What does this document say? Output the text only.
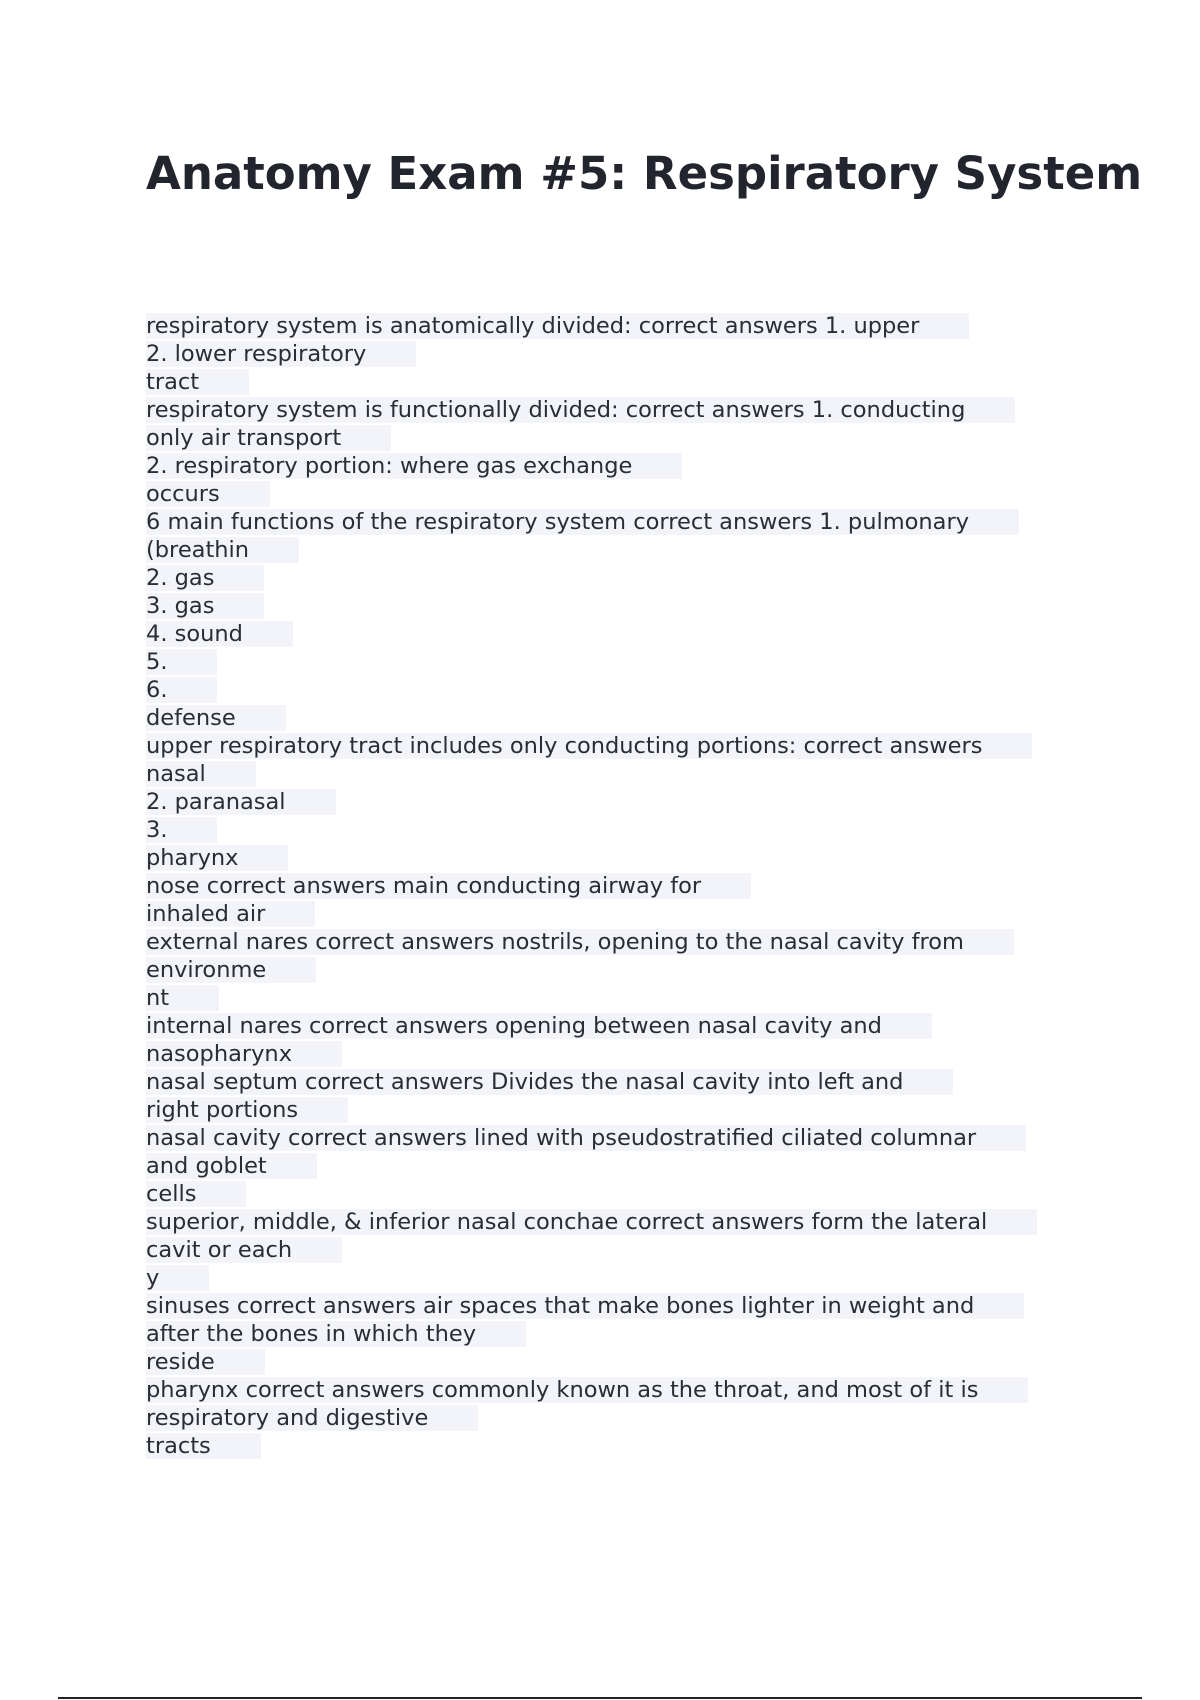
Anatomy Exam #5: Respiratory System
respiratory system is anatomically divided: correct answers 1. upper
2. lower respiratory
tract
respiratory system is functionally divided: correct answers 1. conducting
only air transport
2. respiratory portion: where gas exchange
occurs
6 main functions of the respiratory system correct answers 1. pulmonary
(breathin
2. gas
3. gas
4. sound
5.
6.
defense
upper respiratory tract includes only conducting portions: correct answers
nasal
2. paranasal
3.
pharynx
nose correct answers main conducting airway for
inhaled air
external nares correct answers nostrils, opening to the nasal cavity from
environme
nt
internal nares correct answers opening between nasal cavity and
nasopharynx
nasal septum correct answers Divides the nasal cavity into left and
right portions
nasal cavity correct answers lined with pseudostratified ciliated columnar
and goblet
cells
superior, middle, & inferior nasal conchae correct answers form the lateral
cavit or each
y
sinuses correct answers air spaces that make bones lighter in weight and
after the bones in which they
reside
pharynx correct answers commonly known as the throat, and most of it is
respiratory and digestive
tracts
